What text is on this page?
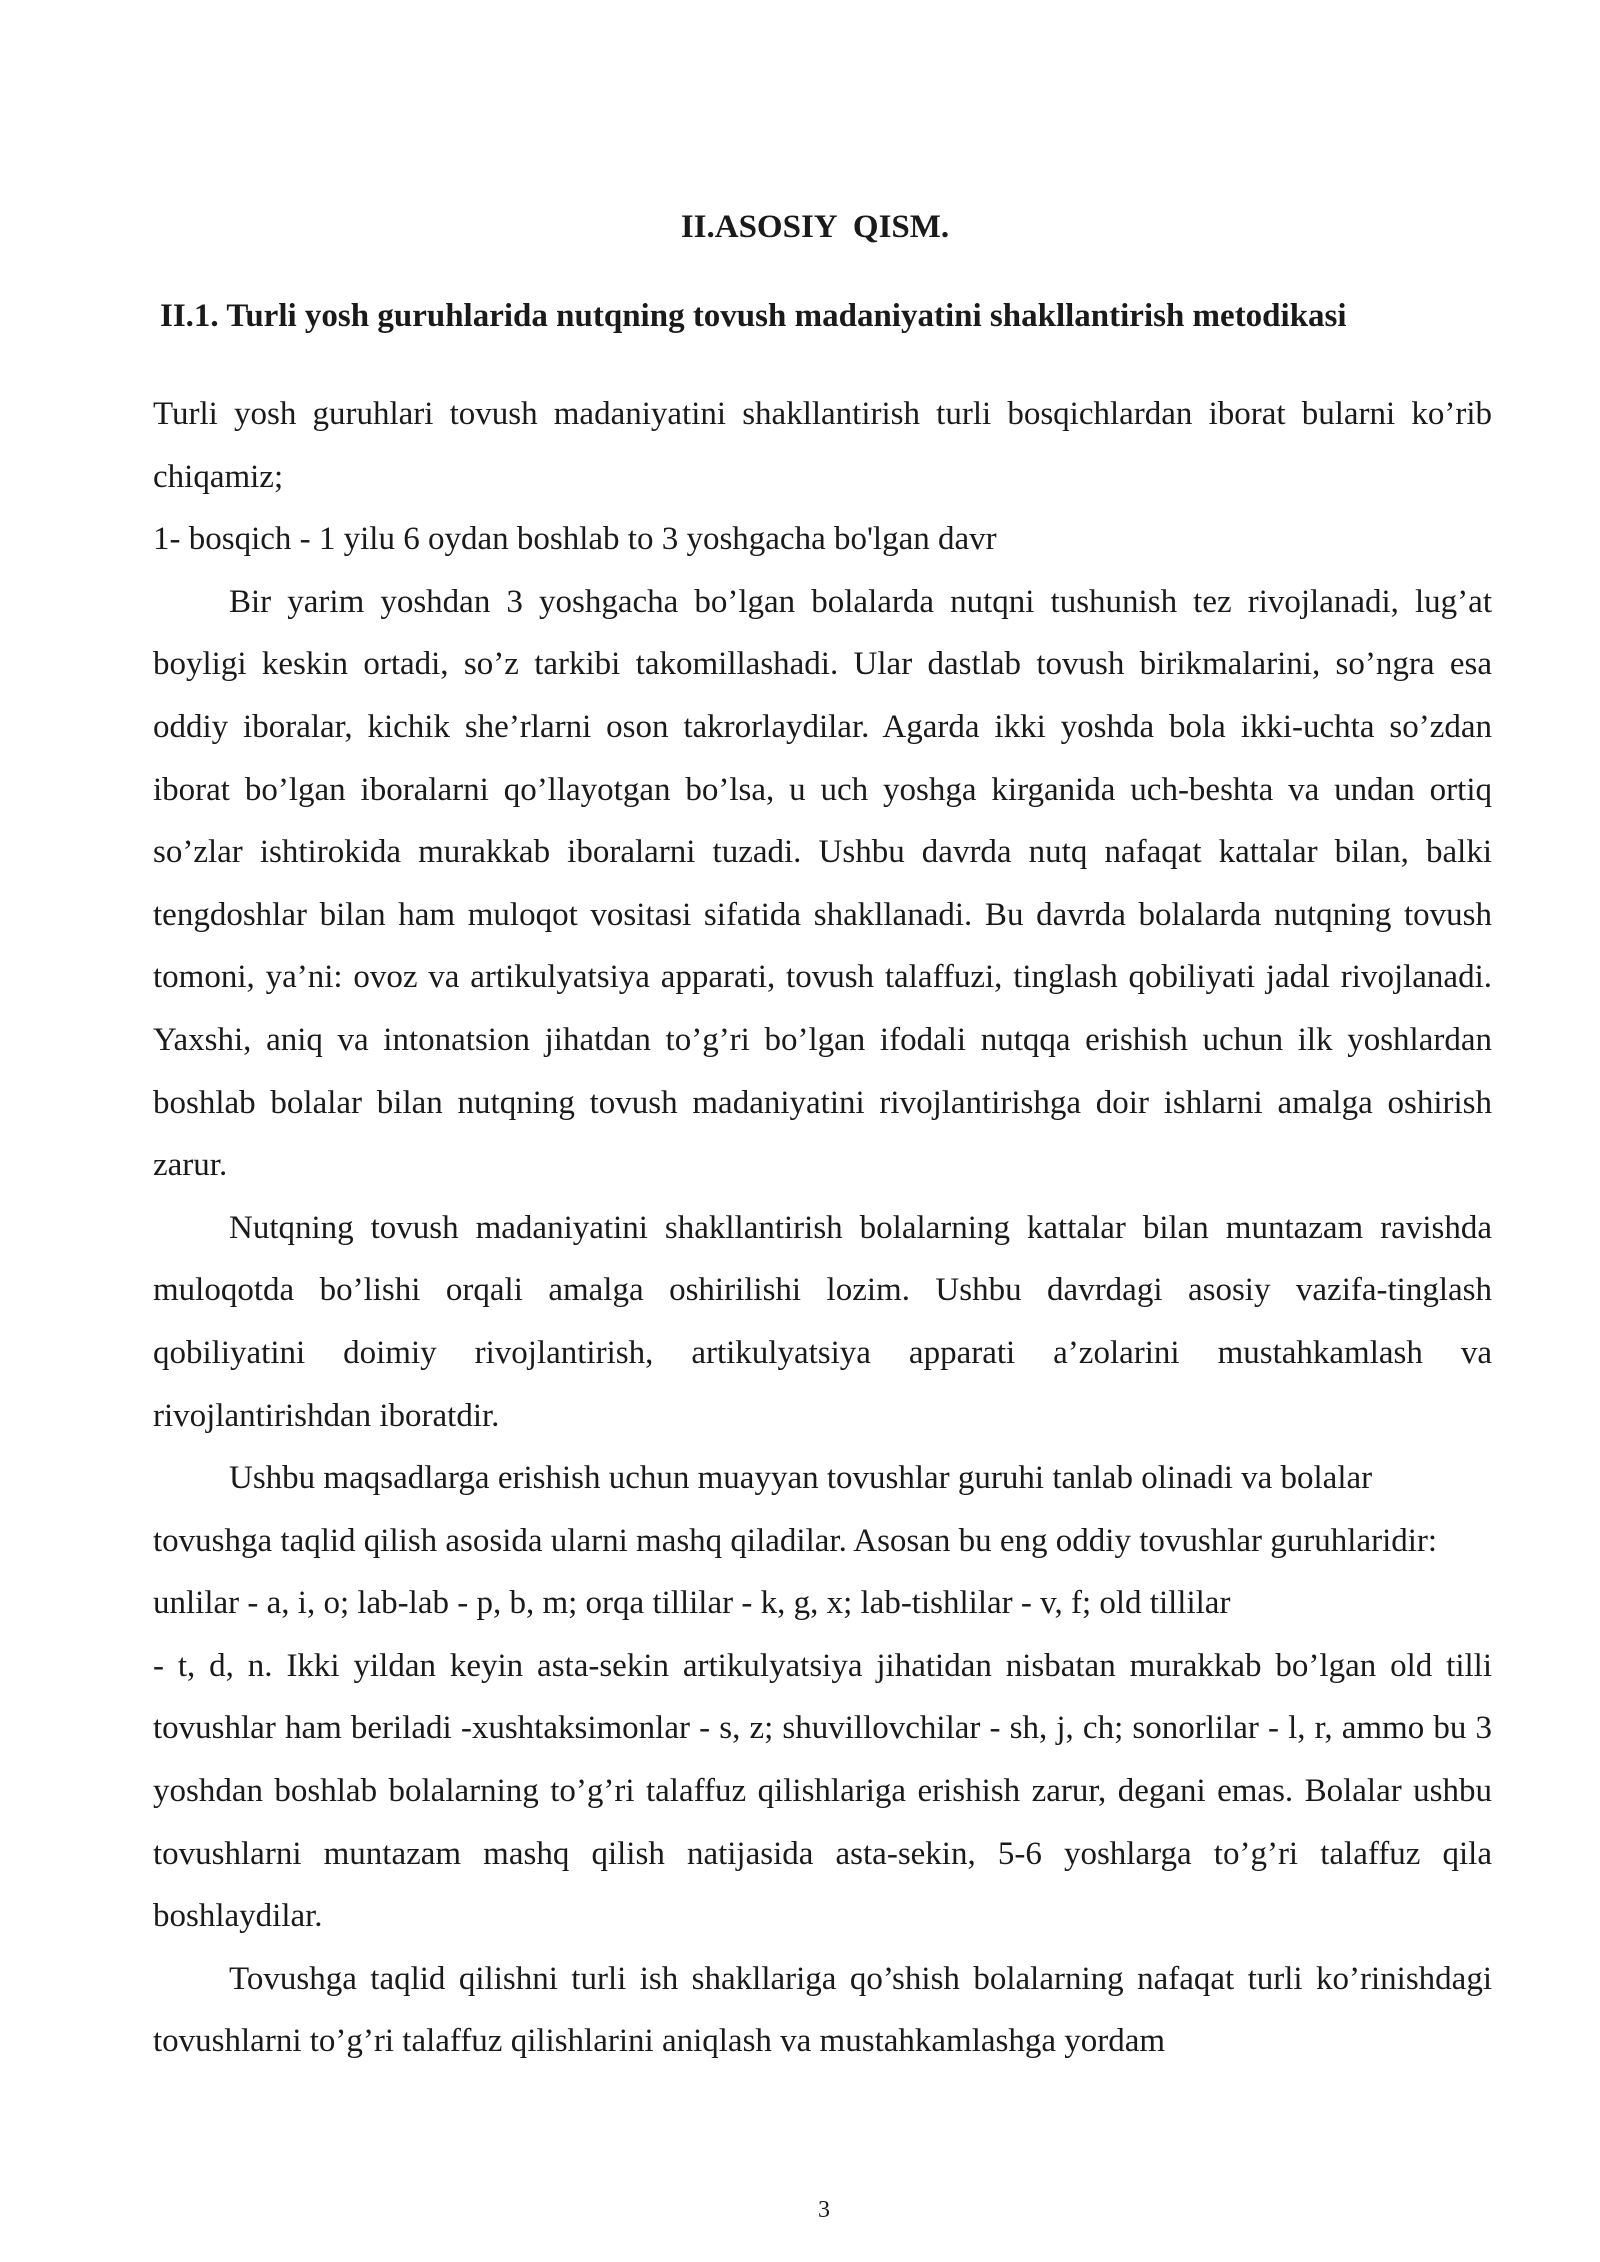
II.ASOSIY  QISM.
II.1. Turli yosh guruhlarida nutqning tovush madaniyatini shakllantirish metodikasi

Turli yosh guruhlari tovush madaniyatini shakllantirish turli bosqichlardan iborat bularni ko’rib chiqamiz;

1- bosqich - 1 yilu 6 oydan boshlab to 3 yoshgacha bo'lgan davr

Bir yarim yoshdan 3 yoshgacha bo’lgan bolalarda nutqni tushunish tez rivojlanadi, lug’at boyligi keskin ortadi, so’z tarkibi takomillashadi. Ular dastlab tovush birikmalarini, so’ngra esa oddiy iboralar, kichik she’rlarni oson takrorlaydilar. Agarda ikki yoshda bola ikki-uchta so’zdan iborat bo’lgan iboralarni qo’llayotgan bo’lsa, u uch yoshga kirganida uch-beshta va undan ortiq so’zlar ishtirokida murakkab iboralarni tuzadi. Ushbu davrda nutq nafaqat kattalar bilan, balki tengdoshlar bilan ham muloqot vositasi sifatida shakllanadi. Bu davrda bolalarda nutqning tovush tomoni, ya’ni: ovoz va artikulyatsiya apparati, tovush talaffuzi, tinglash qobiliyati jadal rivojlanadi. Yaxshi, aniq va intonatsion jihatdan to’g’ri bo’lgan ifodali nutqqa erishish uchun ilk yoshlardan boshlab bolalar bilan nutqning tovush madaniyatini rivojlantirishga doir ishlarni amalga oshirish zarur.

Nutqning tovush madaniyatini shakllantirish bolalarning kattalar bilan muntazam ravishda muloqotda bo’lishi orqali amalga oshirilishi lozim. Ushbu davrdagi asosiy vazifa-tinglash qobiliyatini doimiy rivojlantirish, artikulyatsiya apparati a’zolarini mustahkamlash va rivojlantirishdan iboratdir.

Ushbu maqsadlarga erishish uchun muayyan tovushlar guruhi tanlab olinadi va bolalar tovushga taqlid qilish asosida ularni mashq qiladilar. Asosan bu eng oddiy tovushlar guruhlaridir: unlilar - a, i, o; lab-lab - p, b, m; orqa tillilar - k, g, x; lab-tishlilar - v, f; old tillilar

- t, d, n. Ikki yildan keyin asta-sekin artikulyatsiya jihatidan nisbatan murakkab bo’lgan old tilli tovushlar ham beriladi -xushtaksimonlar - s, z; shuvillovchilar - sh, j, ch; sonorlilar - l, r, ammo bu 3 yoshdan boshlab bolalarning to’g’ri talaffuz qilishlariga erishish zarur, degani emas. Bolalar ushbu tovushlarni muntazam mashq qilish natijasida asta-sekin, 5-6 yoshlarga to’g’ri talaffuz qila boshlaydilar.

Tovushga taqlid qilishni turli ish shakllariga qo’shish bolalarning nafaqat turli ko’rinishdagi tovushlarni to’g’ri talaffuz qilishlarini aniqlash va mustahkamlashga yordam

3
